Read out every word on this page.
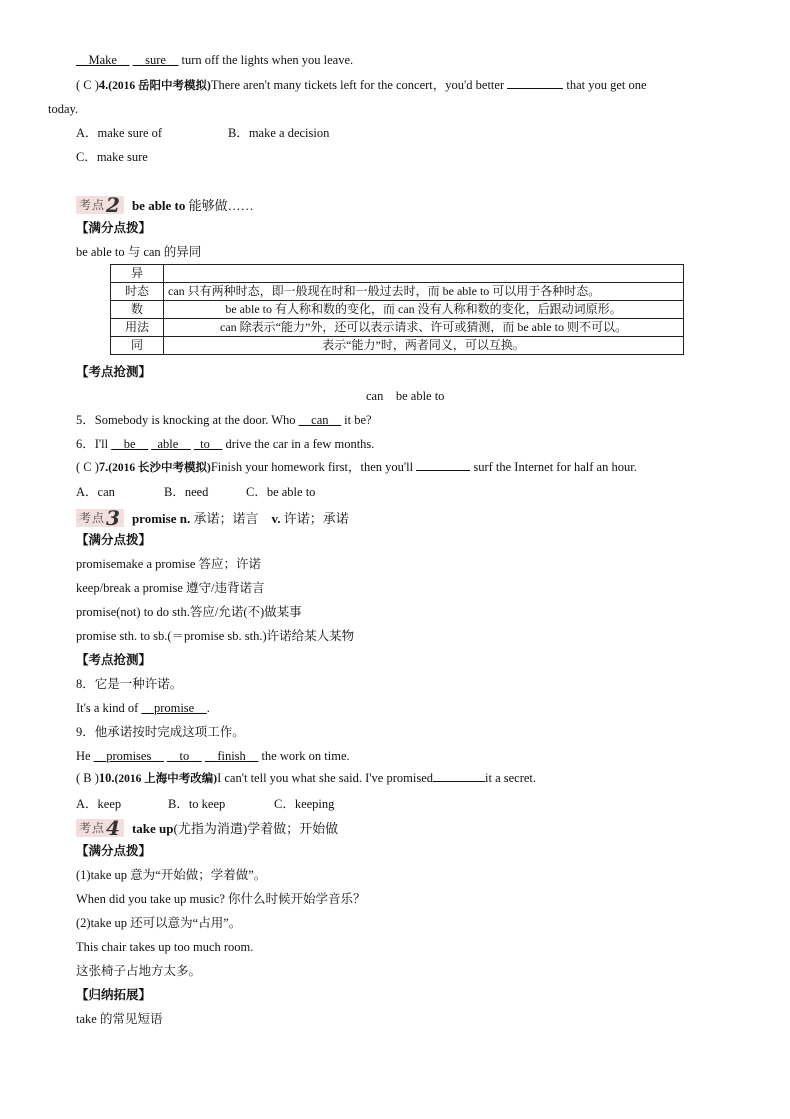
__Make__ __sure__ turn off the lights when you leave.
( C )4.(2016 岳阳中考模拟)There aren't many tickets left for the concert，you'd better	that you get one
today.
A．make sure of	B．make a decision
C．make sure
考点 2 be able to 能够做……
【满分点拨】
be able to 与 can 的异同
异	
时态	can 只有两种时态，即一般现在时和一般过去时，而 be able to 可以用于各种时态。
数	be able to 有人称和数的变化，而 can 没有人称和数的变化，后跟动词原形。
用法	can 除表示“能力”外，还可以表示请求、许可或猜测，而 be able to 则不可以。
同	表示“能力”时，两者同义，可以互换。
【考点抢测】
can    be able to
5．Somebody is knocking at the door. Who __can__ it be?
6．I'll __be__ _able__ _to__ drive the car in a few months.
( C )7.(2016 长沙中考模拟)Finish your homework first，then you'll	surf the Internet for half an hour.
A．can	B．need	C．be able to
考点 3 promise n. 承诺；诺言　v. 许诺；承诺
【满分点拨】
promisemake a promise 答应；许诺
keep/break a promise 遵守/违背诺言
promise(not) to do sth.答应/允诺(不)做某事
promise sth. to sb.(＝promise sb. sth.)许诺给某人某物
【考点抢测】
8．它是一种许诺。
It's a kind of __promise__.
9．他承诺按时完成这项工作。
He __promises__ __to__ __finish__ the work on time.
( B )10.(2016 上海中考改编)I can't tell you what she said. I've promised	it a secret.
A．keep	B．to keep	C．keeping
考点 4 take up(尤指为消遣)学着做；开始做
【满分点拨】
(1)take up 意为“开始做；学着做”。
When did you take up music? 你什么时候开始学音乐？
(2)take up 还可以意为“占用”。
This chair takes up too much room.
这张椅子占地方太多。
【归纳拓展】
take 的常见短语
